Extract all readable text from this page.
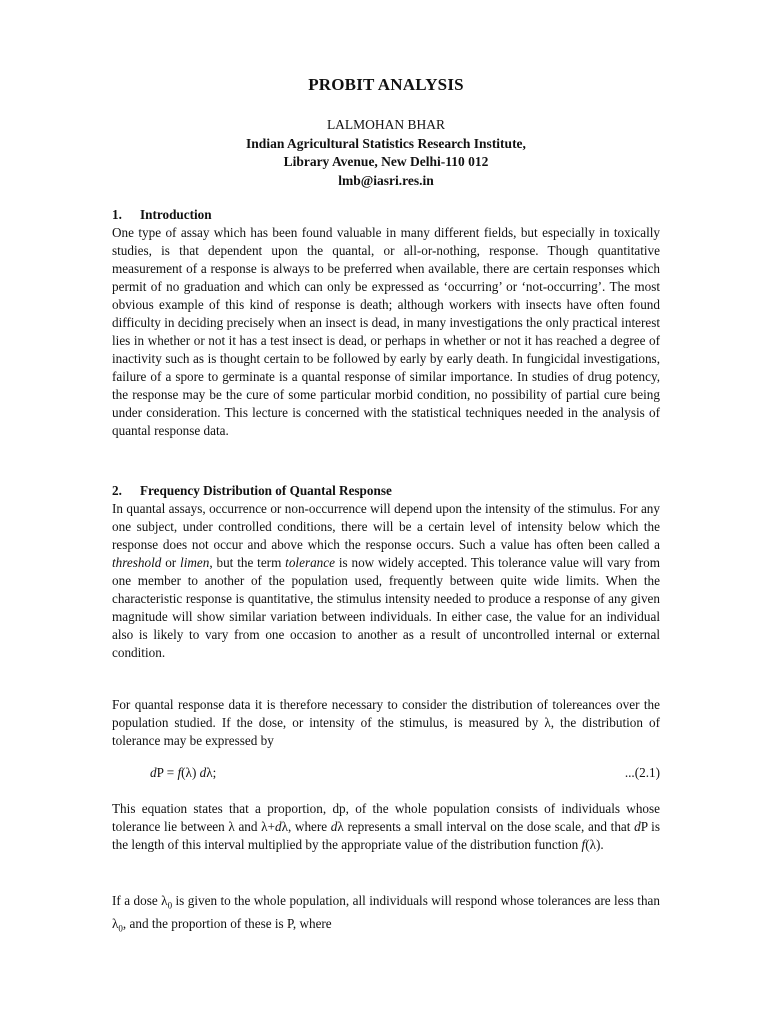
PROBIT ANALYSIS
LALMOHAN BHAR
Indian Agricultural Statistics Research Institute,
Library Avenue, New Delhi-110 012
lmb@iasri.res.in

1. Introduction

One type of assay which has been found valuable in many different fields, but especially in toxically studies, is that dependent upon the quantal, or all-or-nothing, response. Though quantitative measurement of a response is always to be preferred when available, there are certain responses which permit of no graduation and which can only be expressed as ‘occurring’ or ‘not-occurring’. The most obvious example of this kind of response is death; although workers with insects have often found difficulty in deciding precisely when an insect is dead, in many investigations the only practical interest lies in whether or not it has a test insect is dead, or perhaps in whether or not it has reached a degree of inactivity such as is thought certain to be followed by early by early death. In fungicidal investigations, failure of a spore to germinate is a quantal response of similar importance. In studies of drug potency, the response may be the cure of some particular morbid condition, no possibility of partial cure being under consideration. This lecture is concerned with the statistical techniques needed in the analysis of quantal response data.

2. Frequency Distribution of Quantal Response

In quantal assays, occurrence or non-occurrence will depend upon the intensity of the stimulus. For any one subject, under controlled conditions, there will be a certain level of intensity below which the response does not occur and above which the response occurs. Such a value has often been called a threshold or limen, but the term tolerance is now widely accepted. This tolerance value will vary from one member to another of the population used, frequently between quite wide limits. When the characteristic response is quantitative, the stimulus intensity needed to produce a response of any given magnitude will show similar variation between individuals. In either case, the value for an individual also is likely to vary from one occasion to another as a result of uncontrolled internal or external condition.

For quantal response data it is therefore necessary to consider the distribution of tolereances over the population studied. If the dose, or intensity of the stimulus, is measured by λ, the distribution of tolerance may be expressed by

dP = f(λ) dλ;	...(2.1)

This equation states that a proportion, dp, of the whole population consists of individuals whose tolerance lie between λ and λ+dλ, where dλ represents a small interval on the dose scale, and that dP is the length of this interval multiplied by the appropriate value of the distribution function f(λ).

If a dose $\lambda_0$ is given to the whole population, all individuals will respond whose tolerances are less than $\lambda_0$, and the proportion of these is P, where
